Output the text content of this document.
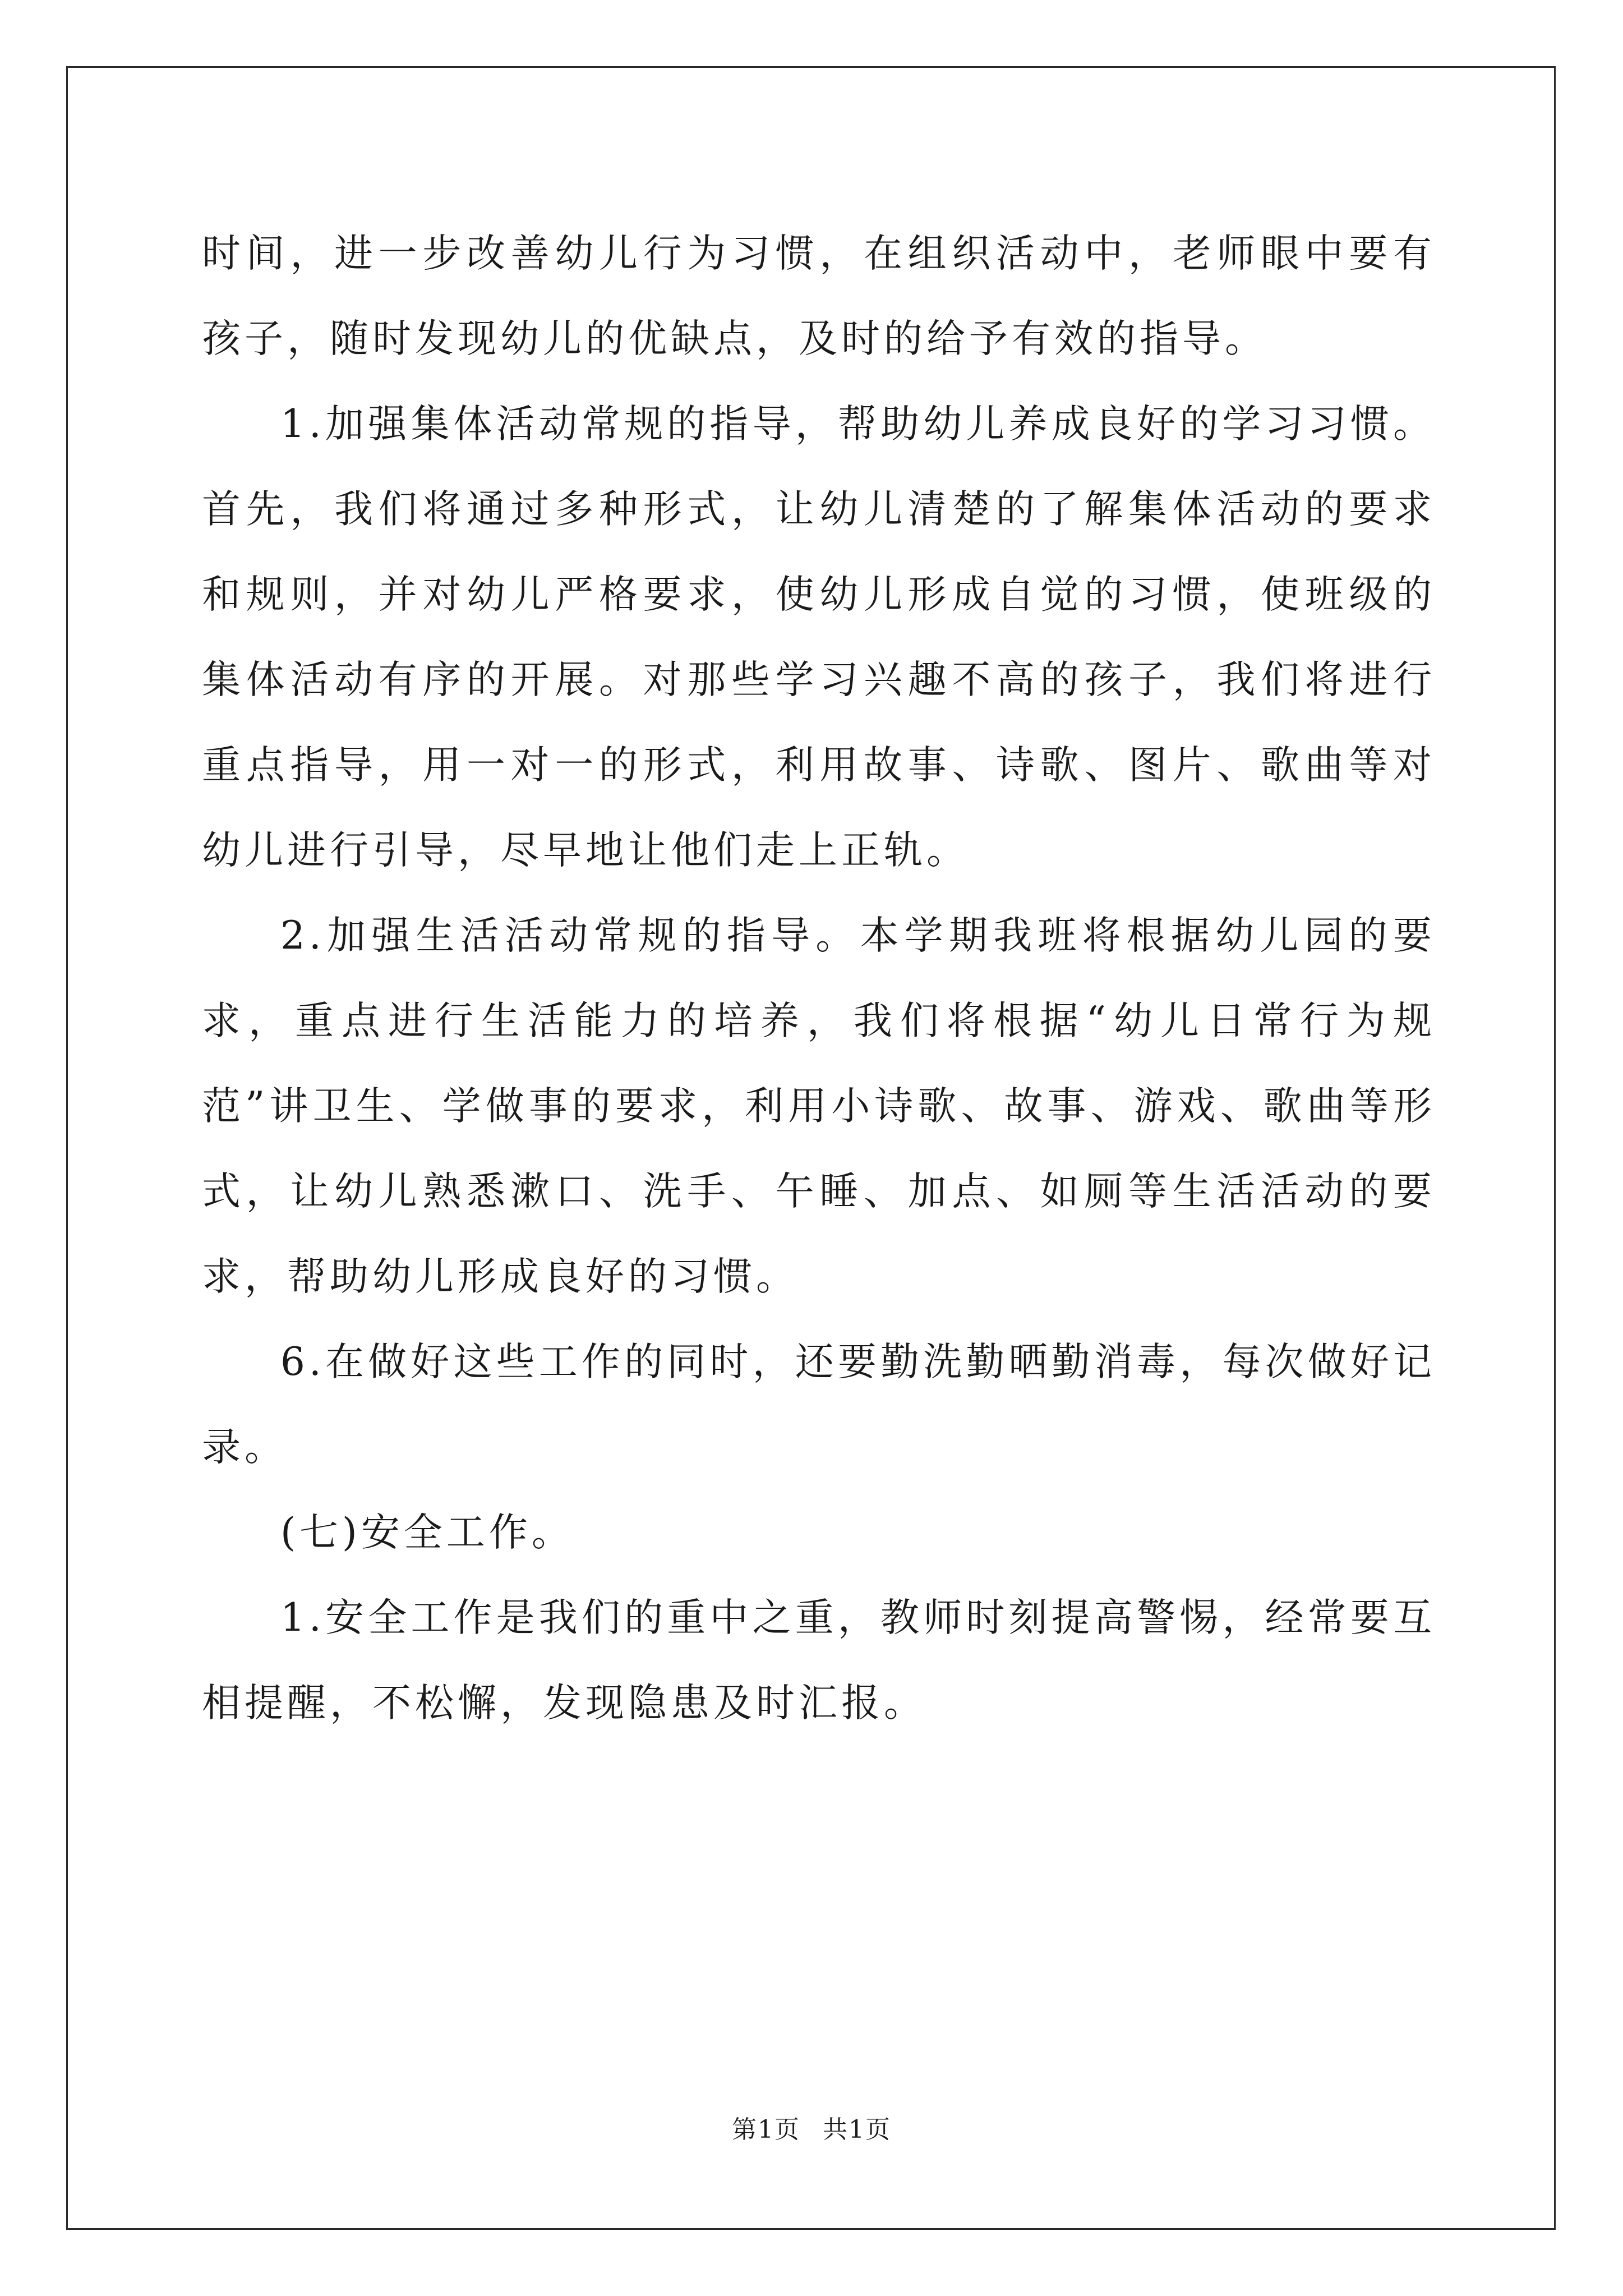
时间，进一步改善幼儿行为习惯，在组织活动中，老师眼中要有孩子，随时发现幼儿的优缺点，及时的给予有效的指导。

1.加强集体活动常规的指导，帮助幼儿养成良好的学习习惯。首先，我们将通过多种形式，让幼儿清楚的了解集体活动的要求和规则，并对幼儿严格要求，使幼儿形成自觉的习惯，使班级的集体活动有序的开展。对那些学习兴趣不高的孩子，我们将进行重点指导，用一对一的形式，利用故事、诗歌、图片、歌曲等对幼儿进行引导，尽早地让他们走上正轨。

2.加强生活活动常规的指导。本学期我班将根据幼儿园的要求，重点进行生活能力的培养，我们将根据“幼儿日常行为规范”讲卫生、学做事的要求，利用小诗歌、故事、游戏、歌曲等形式，让幼儿熟悉漱口、洗手、午睡、加点、如厕等生活活动的要求，帮助幼儿形成良好的习惯。

6.在做好这些工作的同时，还要勤洗勤晒勤消毒，每次做好记录。

(七)安全工作。

1.安全工作是我们的重中之重，教师时刻提高警惕，经常要互相提醒，不松懈，发现隐患及时汇报。

第1页 共1页
